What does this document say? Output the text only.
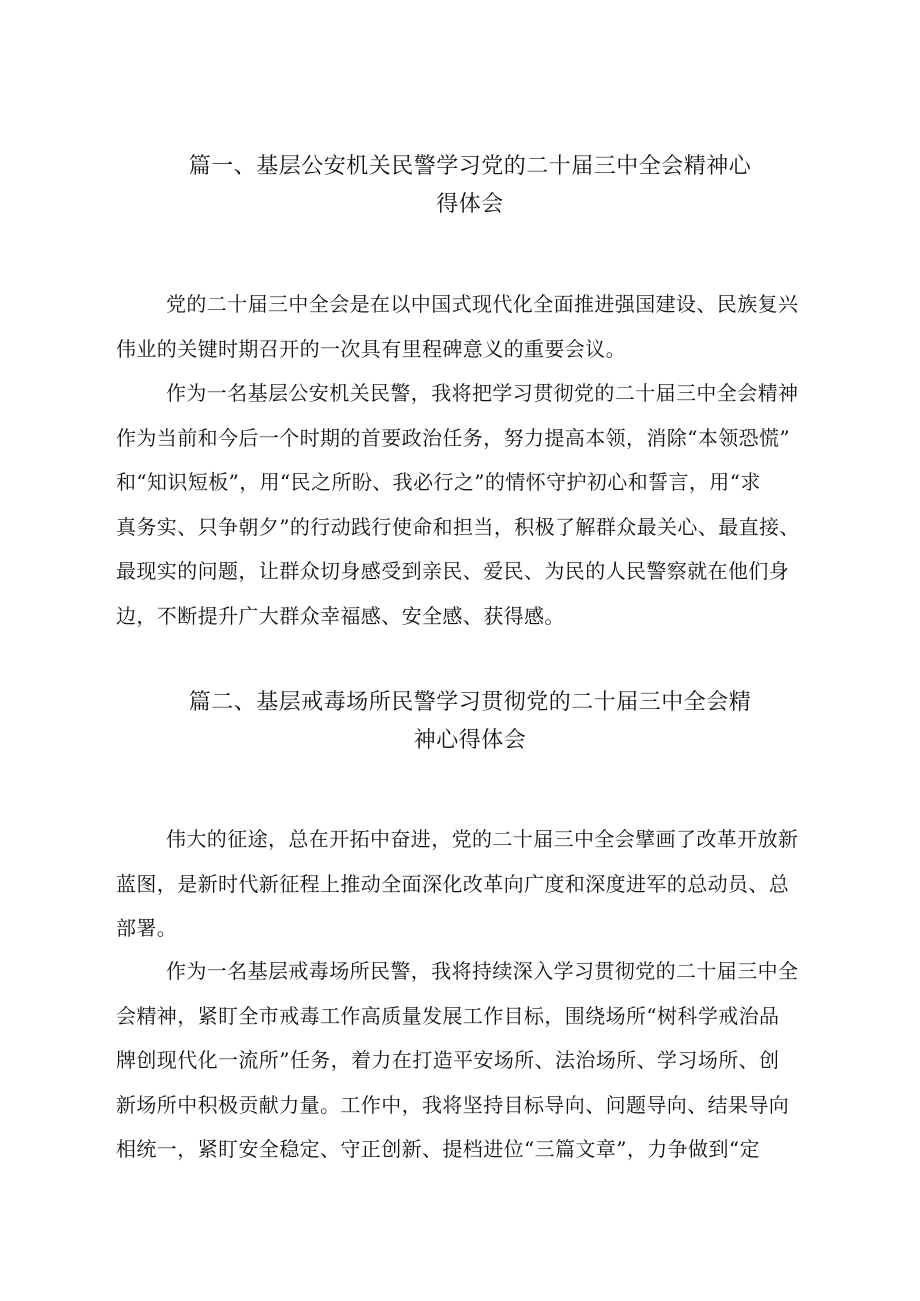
篇一、基层公安机关民警学习党的二十届三中全会精神心
得体会
党的二十届三中全会是在以中国式现代化全面推进强国建设、民族复兴
伟业的关键时期召开的一次具有里程碑意义的重要会议。
作为一名基层公安机关民警，我将把学习贯彻党的二十届三中全会精神
作为当前和今后一个时期的首要政治任务，努力提高本领，消除“本领恐慌”
和“知识短板”，用“民之所盼、我必行之”的情怀守护初心和誓言，用“求
真务实、只争朝夕”的行动践行使命和担当，积极了解群众最关心、最直接、
最现实的问题，让群众切身感受到亲民、爱民、为民的人民警察就在他们身
边，不断提升广大群众幸福感、安全感、获得感。
篇二、基层戒毒场所民警学习贯彻党的二十届三中全会精
神心得体会
伟大的征途，总在开拓中奋进，党的二十届三中全会擘画了改革开放新
蓝图，是新时代新征程上推动全面深化改革向广度和深度进军的总动员、总
部署。
作为一名基层戒毒场所民警，我将持续深入学习贯彻党的二十届三中全
会精神，紧盯全市戒毒工作高质量发展工作目标，围绕场所“树科学戒治品
牌创现代化一流所”任务，着力在打造平安场所、法治场所、学习场所、创
新场所中积极贡献力量。工作中，我将坚持目标导向、问题导向、结果导向
相统一，紧盯安全稳定、守正创新、提档进位“三篇文章”，力争做到“定
